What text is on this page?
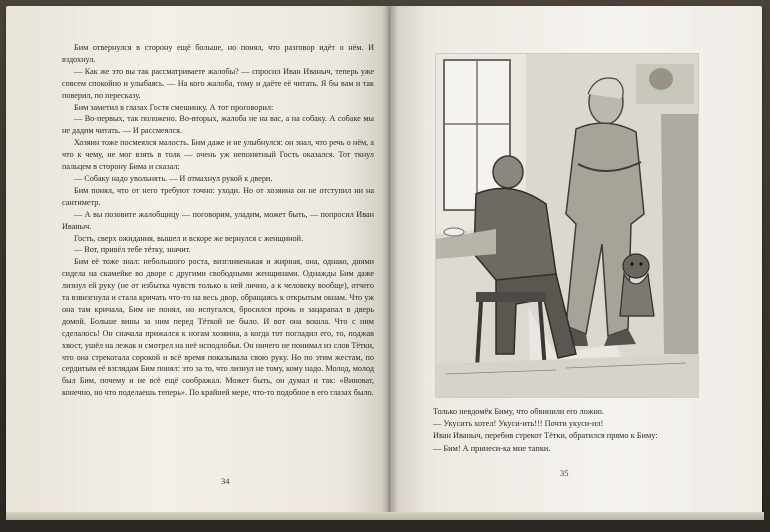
Бим отвернулся в сторону ещё больше, но понял, что разговор идёт о нём. И вздохнул.

— Как же это вы так рассматриваете жалобы? — спросил Иван Иваныч, теперь уже совсем спокойно и улыбаясь. — На кого жалоба, тому и даёте её читать. Я бы вам и так поверил, по пересказу.

Бим заметил в глазах Гостя смешинку. А тот проговорил:

— Во-первых, так положено. Во-вторых, жалоба не на вас, а на собаку. А собаке мы не дадим читать. — И рассмеялся.

Хозяин тоже посмеялся малость. Бим даже и не улыбнулся: он знал, что речь о нём, а что к чему, не мог взять в толк — очень уж непонятный Гость оказался. Тот ткнул пальцем в сторону Бима и сказал:

— Собаку надо увольнять. — И отмахнул рукой к двери.

Бим понял, что от него требуют точно: уходи. Но от хозяина он не отступил ни на сантиметр.

— А вы позовите жалобщицу — поговорим, уладим, может быть, — попросил Иван Иваныч.

Гость, сверх ожидания, вышел и вскоре же вернулся с женщиной.

— Вот, привёл тебе тётку, значит.

Бим её тоже знал: небольшого роста, визгливенькая и жирная, она, однако, днями сидела на скамейке во дворе с другими свободными женщинами. Однажды Бим даже лизнул ей руку (не от избытка чувств только к ней лично, а к человеку вообще), отчего та взвизгнула и стала кричать что-то на весь двор, обращаясь к открытым окнам. Что уж она там кричала, Бим не понял, но испугался, бросился прочь и зацарапал в дверь домой. Больше вины за ним перед Тёткой не было. И вот она вошла. Что с ним сделалось! Он сначала прижался к ногам хозяина, а когда тот погладил его, то, поджав хвост, ушёл на лежак и смотрел на неё исподлобья. Он ничего не понимал из слов Тётки, что она стрекотала сорокой и всё время показывала свою руку. Но по этим жестам, по сердитым её взглядам Бим понял: это за то, что лизнул не тому, кому надо. Молод, молод был Бим, почему и не всё ещё соображал. Может быть, он думал и так: «Виноват, конечно, но что поделаешь теперь». По крайней мере, что-то подобное в его глазах было.

34

Только невдомёк Биму, что обвинили его ложно.

— Укусить хотел! Укуси-ить!!! Почти укуси-ил!

Иван Иваныч, перебив стрекот Тётки, обратился прямо к Биму:

— Бим! А принеси-ка мне тапки.

35
